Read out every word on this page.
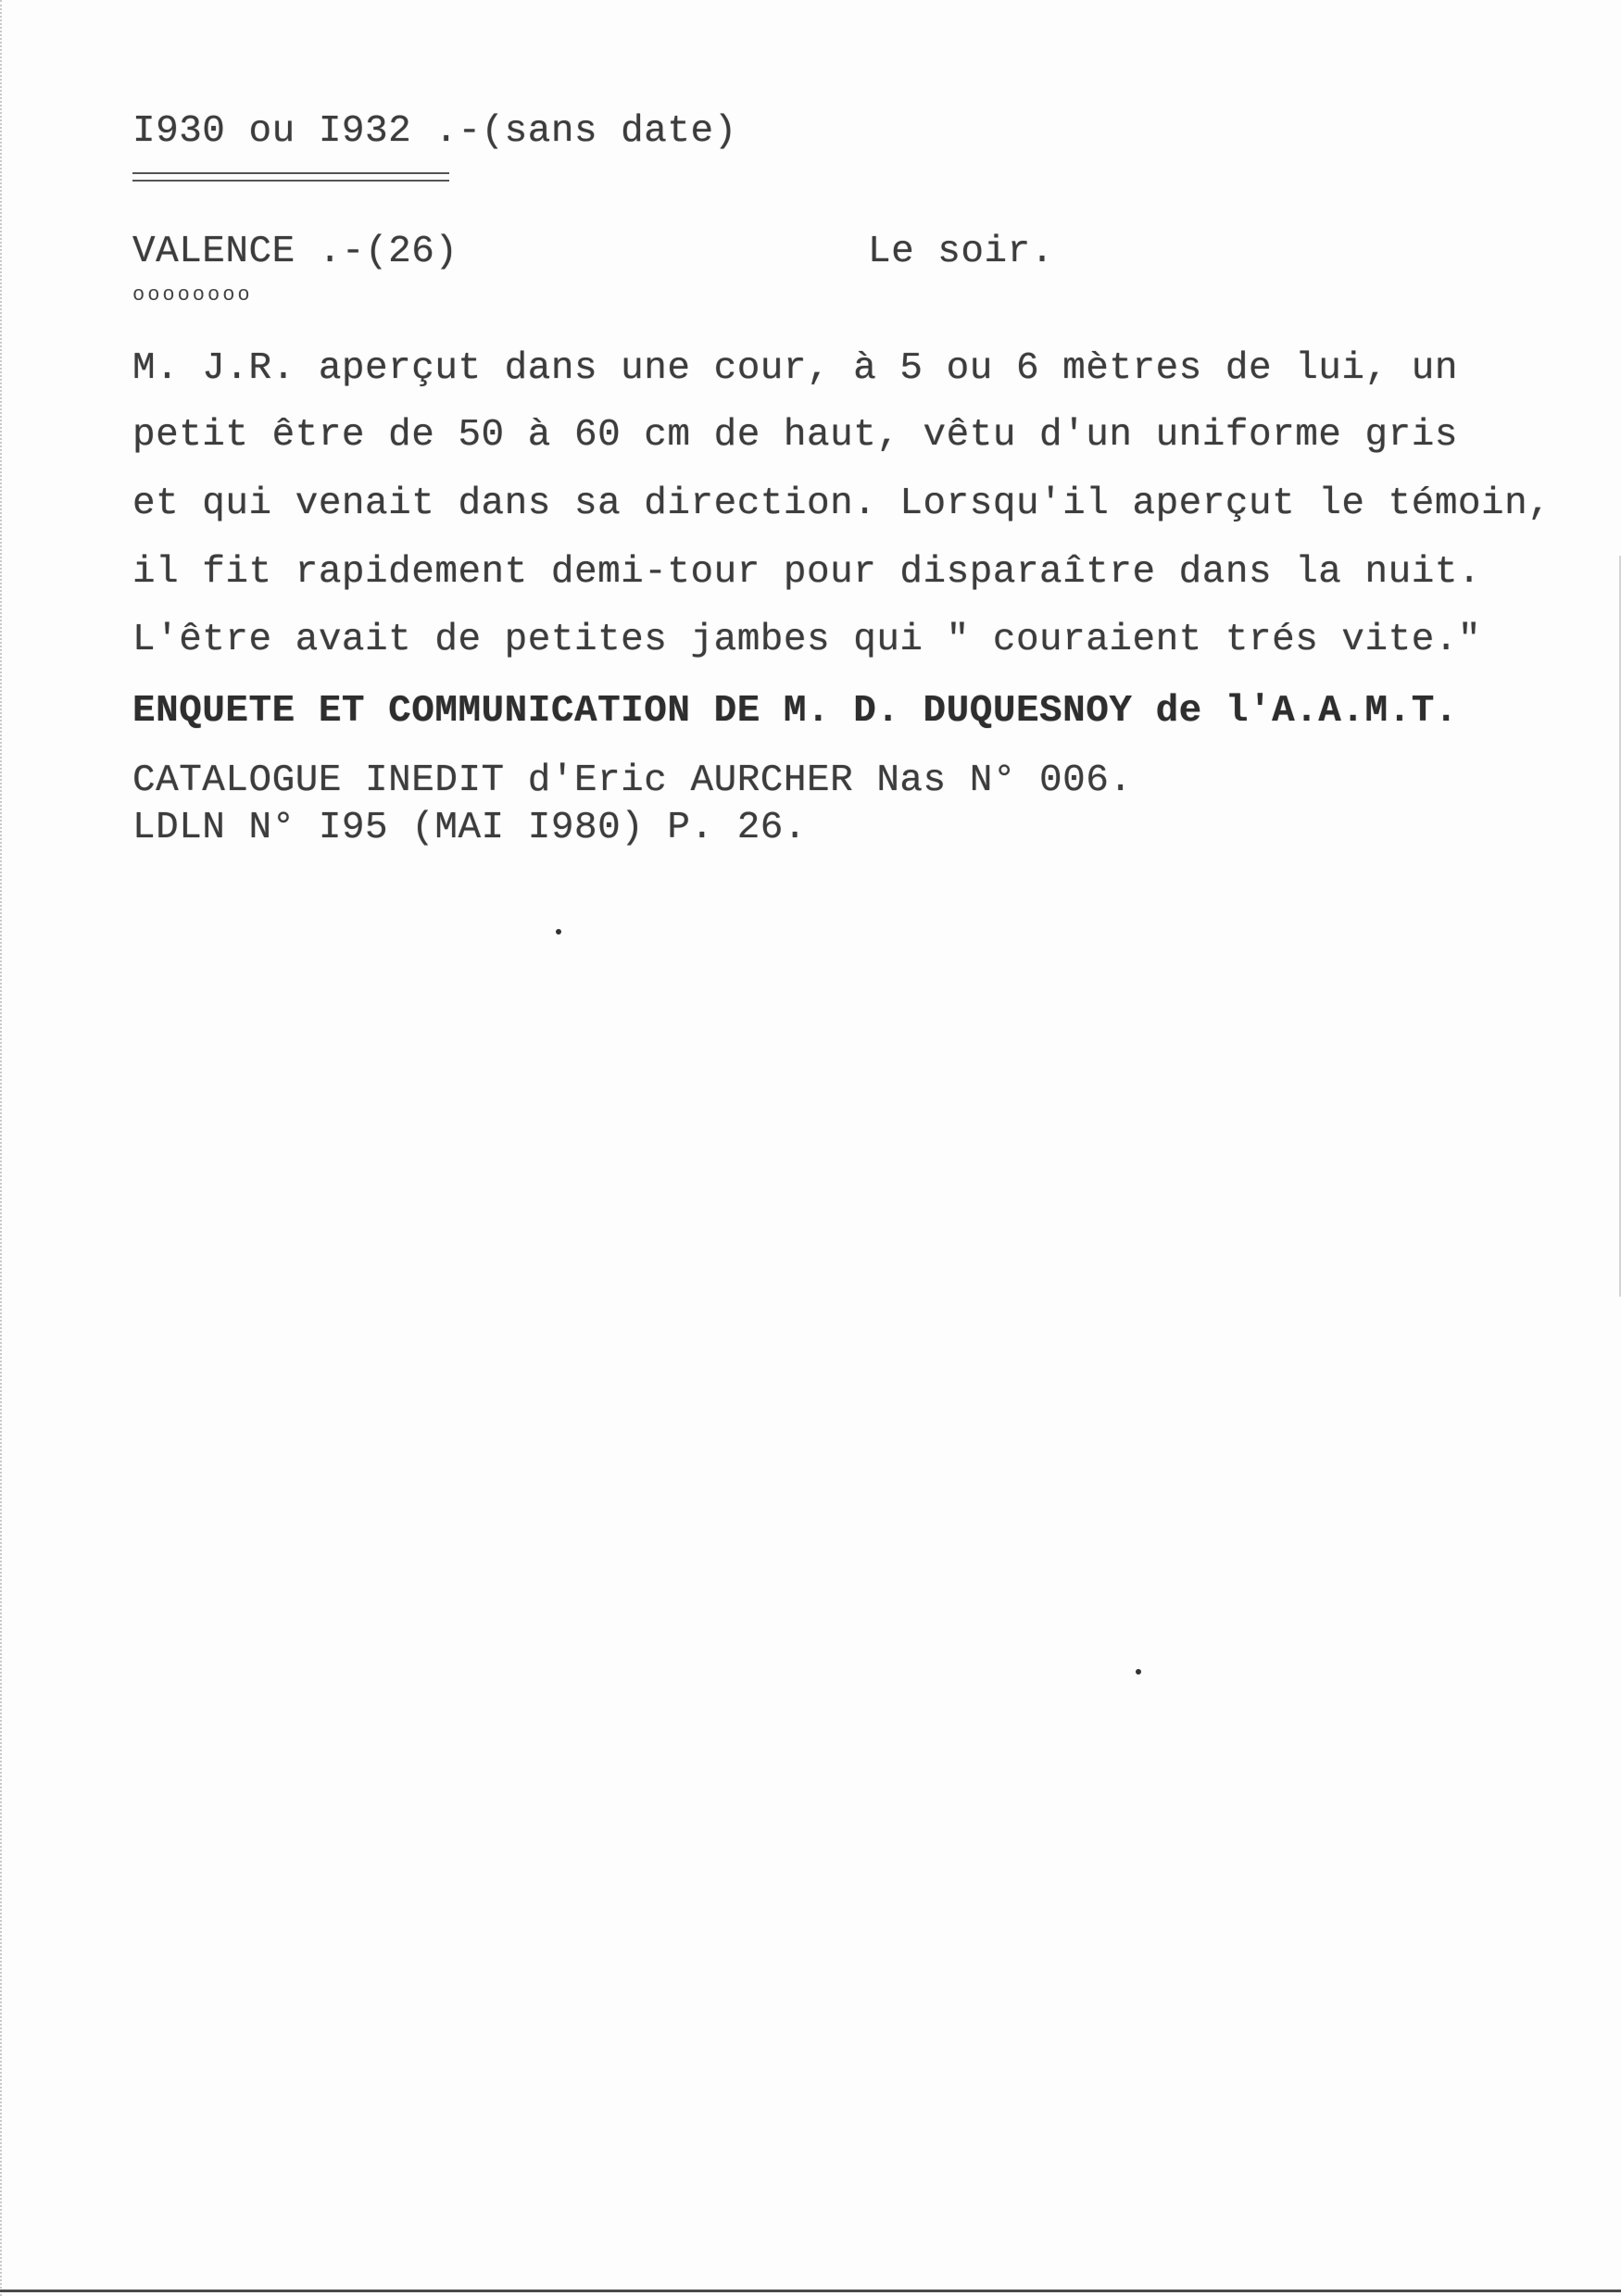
I930 ou I932 .-(sans date)
VALENCE .-(26)	Le soir.
oooooooo
M. J.R. aperçut dans une cour, à 5 ou 6 mètres de lui, un
petit être de 50 à 60 cm de haut, vêtu d'un uniforme gris
et qui venait dans sa direction. Lorsqu'il aperçut le témoin,
il fit rapidement demi-tour pour disparaître dans la nuit.
L'être avait de petites jambes qui " couraient trés vite."
ENQUETE ET COMMUNICATION DE M. D. DUQUESNOY de l'A.A.M.T.
CATALOGUE INEDIT d'Eric AURCHER Nas N° 006.
LDLN N° I95 (MAI I980) P. 26.
